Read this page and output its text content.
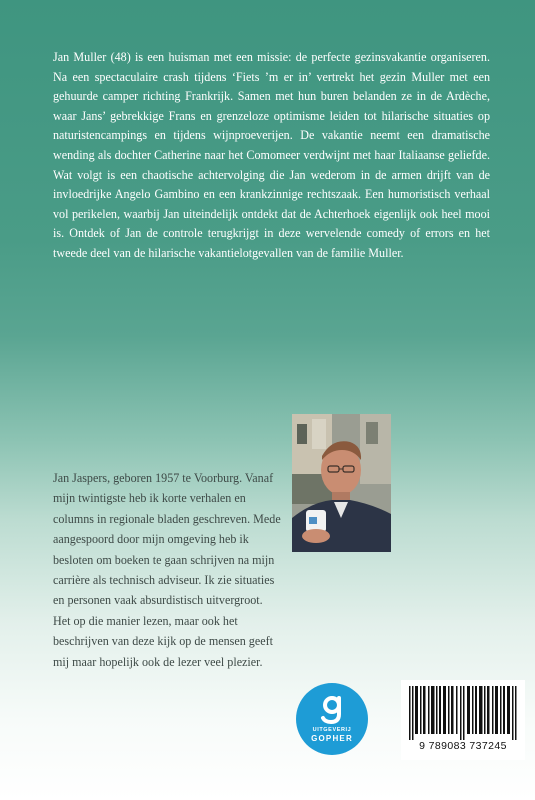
Jan Muller (48) is een huisman met een missie: de perfecte gezinsvakantie organiseren. Na een spectaculaire crash tijdens ‘Fiets ’m er in’ vertrekt het gezin Muller met een gehuurde camper richting Frankrijk. Samen met hun buren belanden ze in de Ardèche, waar Jans’ gebrekkige Frans en grenzeloze optimisme leiden tot hilarische situaties op naturistencampings en tijdens wijnproeverijen. De vakantie neemt een dramatische wending als dochter Catherine naar het Comomeer verdwijnt met haar Italiaanse geliefde. Wat volgt is een chaotische achtervolging die Jan wederom in de armen drijft van de invloedrijke Angelo Gambino en een krankzinnige rechtszaak. Een humoristisch verhaal vol perikelen, waarbij Jan uiteindelijk ontdekt dat de Achterhoek eigenlijk ook heel mooi is. Ontdek of Jan de controle terugkrijgt in deze wervelende comedy of errors en het tweede deel van de hilarische vakantielotgevallen van de familie Muller.
Jan Jaspers, geboren 1957 te Voorburg. Vanaf mijn twintigste heb ik korte verhalen en columns in regionale bladen geschreven. Mede aangespoord door mijn omgeving heb ik besloten om boeken te gaan schrijven na mijn carrière als technisch adviseur. Ik zie situaties en personen vaak absurdistisch uitvergroot. Het op die manier lezen, maar ook het beschrijven van deze kijk op de mensen geeft mij maar hopelijk ook de lezer veel plezier.
UITGEVERIJ
GOPHER
9 789083 737245
